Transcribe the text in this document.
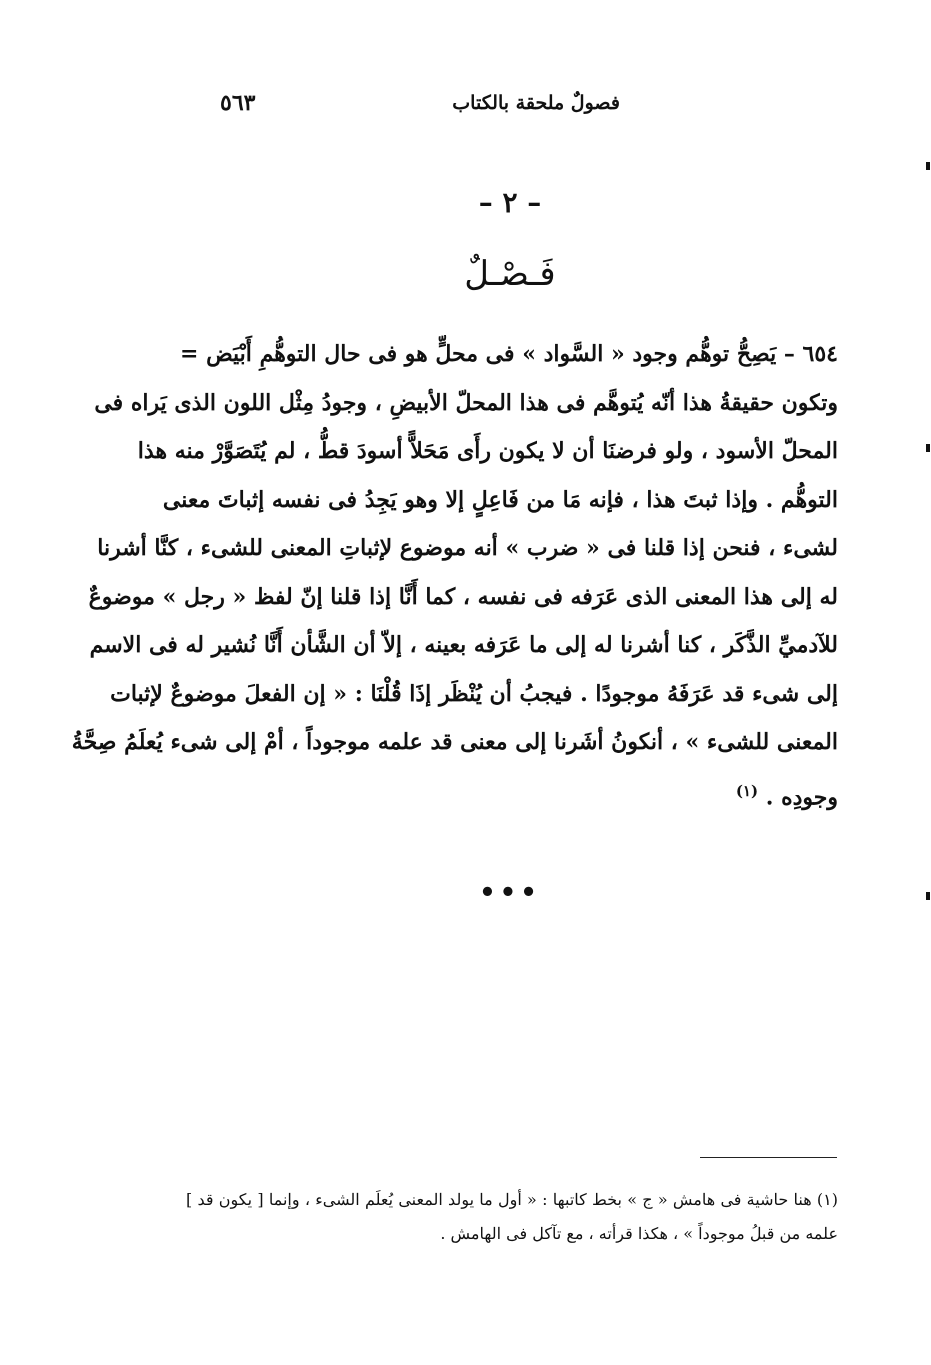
فصولٌ ملحقة بالكتاب
٥٦٣
– ٢ –
فَـصْـلٌ
٦٥٤ – يَصِحُّ توهُّم وجود « السَّواد » فى محلٍّ هو فى حال التوهُّمِ أَبْيَض =
وتكون حقيقةُ هذا أنّه يُتوهَّم فى هذا المحلّ الأبيضِ ، وجودُ مِثْل اللون الذى يَراه فى
المحلّ الأسود ، ولو فرضنَا أن لا يكون رأَى مَحَلاًّ أسودَ قطُّ ، لم يُتَصَوَّرْ منه هذا
التوهُّم . وإذا ثبتَ هذا ، فإنه مَا من فَاعِلٍ إلا وهو يَجِدُ فى نفسه إثباتَ معنى
لشىء ، فنحن إذا قلنا فى « ضرب » أنه موضوع لإثباتِ المعنى للشىء ، كنَّا أشرنا
له إلى هذا المعنى الذى عَرَفه فى نفسه ، كما أَنَّا إذا قلنا إنّ لفظ « رجل » موضوعٌ
للآدميِّ الذَّكَر ، كنا أشرنا له إلى ما عَرَفه بعينه ، إلاّ أن الشَّأن أَنَّا نُشير له فى الاسم
إلى شىء قد عَرَفَهُ موجودًا . فيجبُ أن يُنْظَر إذَا قُلْنَا : « إن الفعلَ موضوعٌ لإثبات
المعنى للشىء » ، أنكونُ أشَرنا إلى معنى قد علمه موجوداً ، أمْ إلى شىء يُعلَمُ صِحَّةُ
وجودِه . $^{(١)}$
•••
(١) هنا حاشية فى هامش « ج » بخط كاتبها : « أول ما يولد المعنى يُعلَم الشىء ، وإنما [ يكون قد ]
علمه من قبلُ موجوداً » ، هكذا قرأته ، مع تآكل فى الهامش .
